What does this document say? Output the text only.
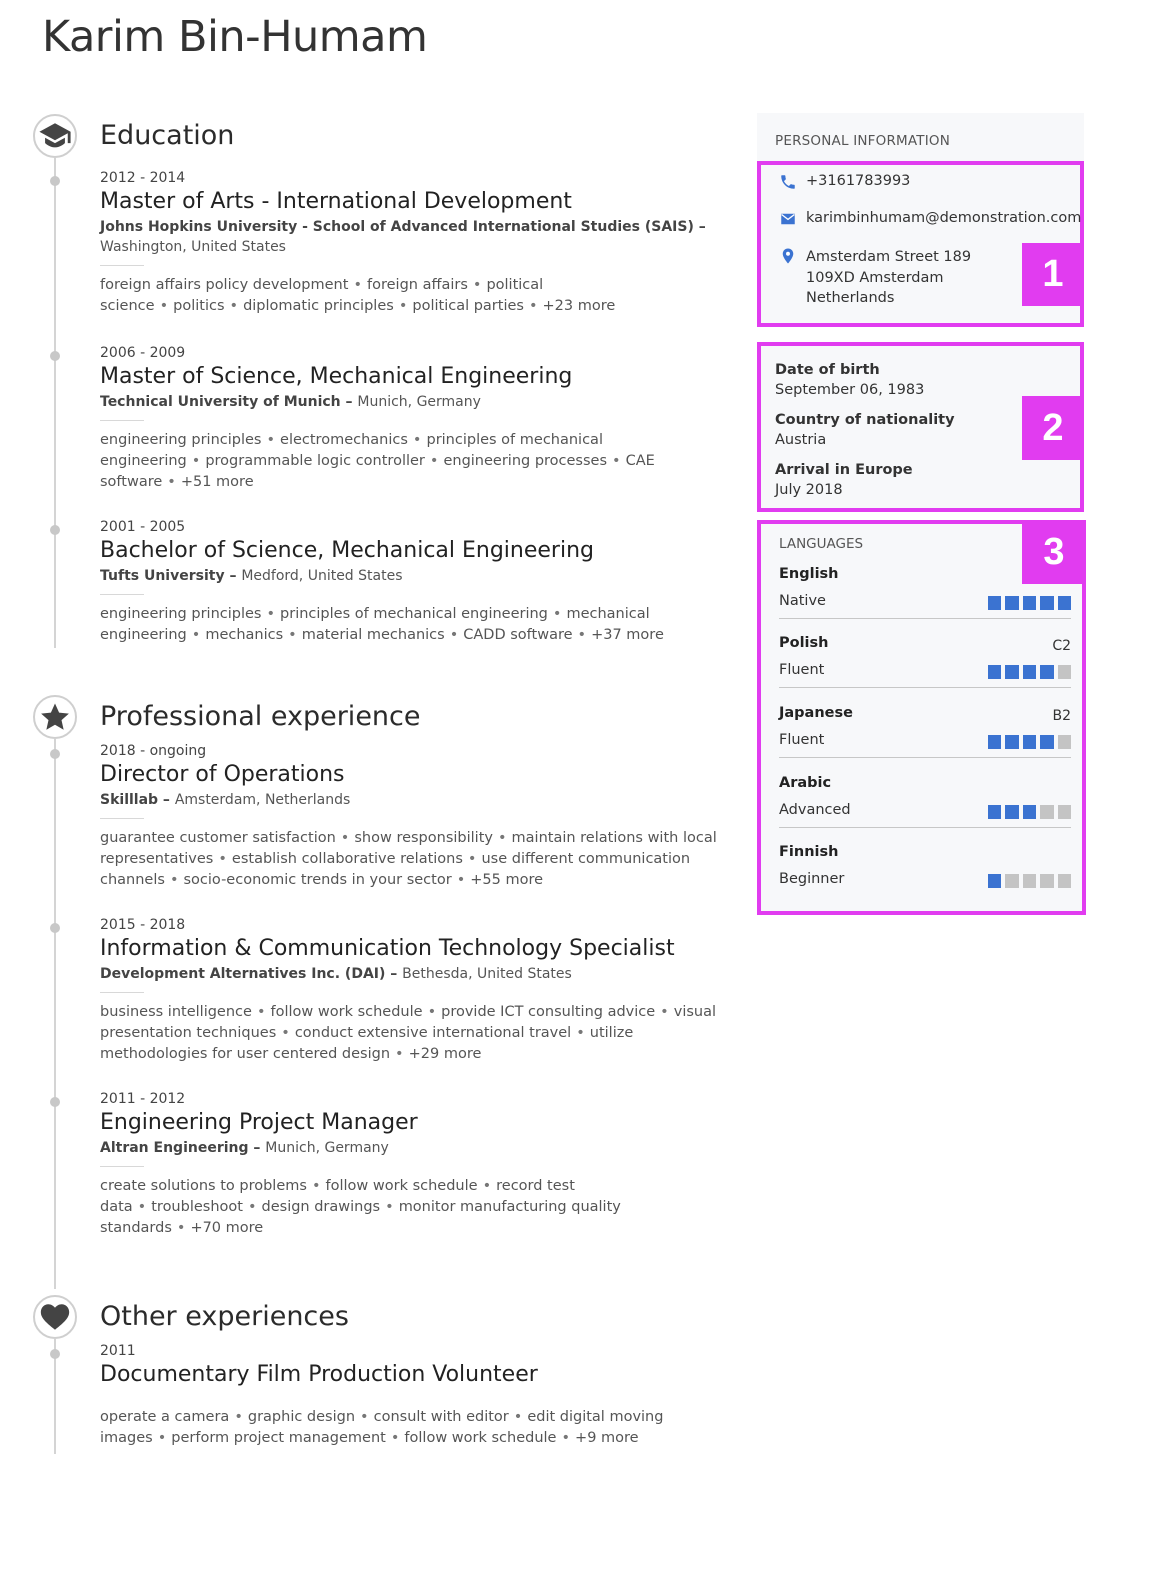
Karim Bin-Humam
Education
2012 - 2014
Master of Arts - International Development
Johns Hopkins University - School of Advanced International Studies (SAIS) – Washington, United States
foreign affairs policy development • foreign affairs • political science • politics • diplomatic principles • political parties • +23 more
2006 - 2009
Master of Science, Mechanical Engineering
Technical University of Munich – Munich, Germany
engineering principles • electromechanics • principles of mechanical engineering • programmable logic controller • engineering processes • CAE software • +51 more
2001 - 2005
Bachelor of Science, Mechanical Engineering
Tufts University – Medford, United States
engineering principles • principles of mechanical engineering • mechanical engineering • mechanics • material mechanics • CADD software • +37 more
Professional experience
2018 - ongoing
Director of Operations
Skilllab – Amsterdam, Netherlands
guarantee customer satisfaction • show responsibility • maintain relations with local representatives • establish collaborative relations • use different communication channels • socio-economic trends in your sector • +55 more
2015 - 2018
Information & Communication Technology Specialist
Development Alternatives Inc. (DAI) – Bethesda, United States
business intelligence • follow work schedule • provide ICT consulting advice • visual presentation techniques • conduct extensive international travel • utilize methodologies for user centered design • +29 more
2011 - 2012
Engineering Project Manager
Altran Engineering – Munich, Germany
create solutions to problems • follow work schedule • record test data • troubleshoot • design drawings • monitor manufacturing quality standards • +70 more
Other experiences
2011
Documentary Film Production Volunteer
operate a camera • graphic design • consult with editor • edit digital moving images • perform project management • follow work schedule • +9 more
PERSONAL INFORMATION
+3161783993
karimbinhumam@demonstration.com
Amsterdam Street 189
109XD Amsterdam
Netherlands
1
Date of birth
September 06, 1983
Country of nationality
Austria
Arrival in Europe
July 2018
2
LANGUAGES
English
Native
Polish	C2
Fluent
Japanese	B2
Fluent
Arabic
Advanced
Finnish
Beginner
3
